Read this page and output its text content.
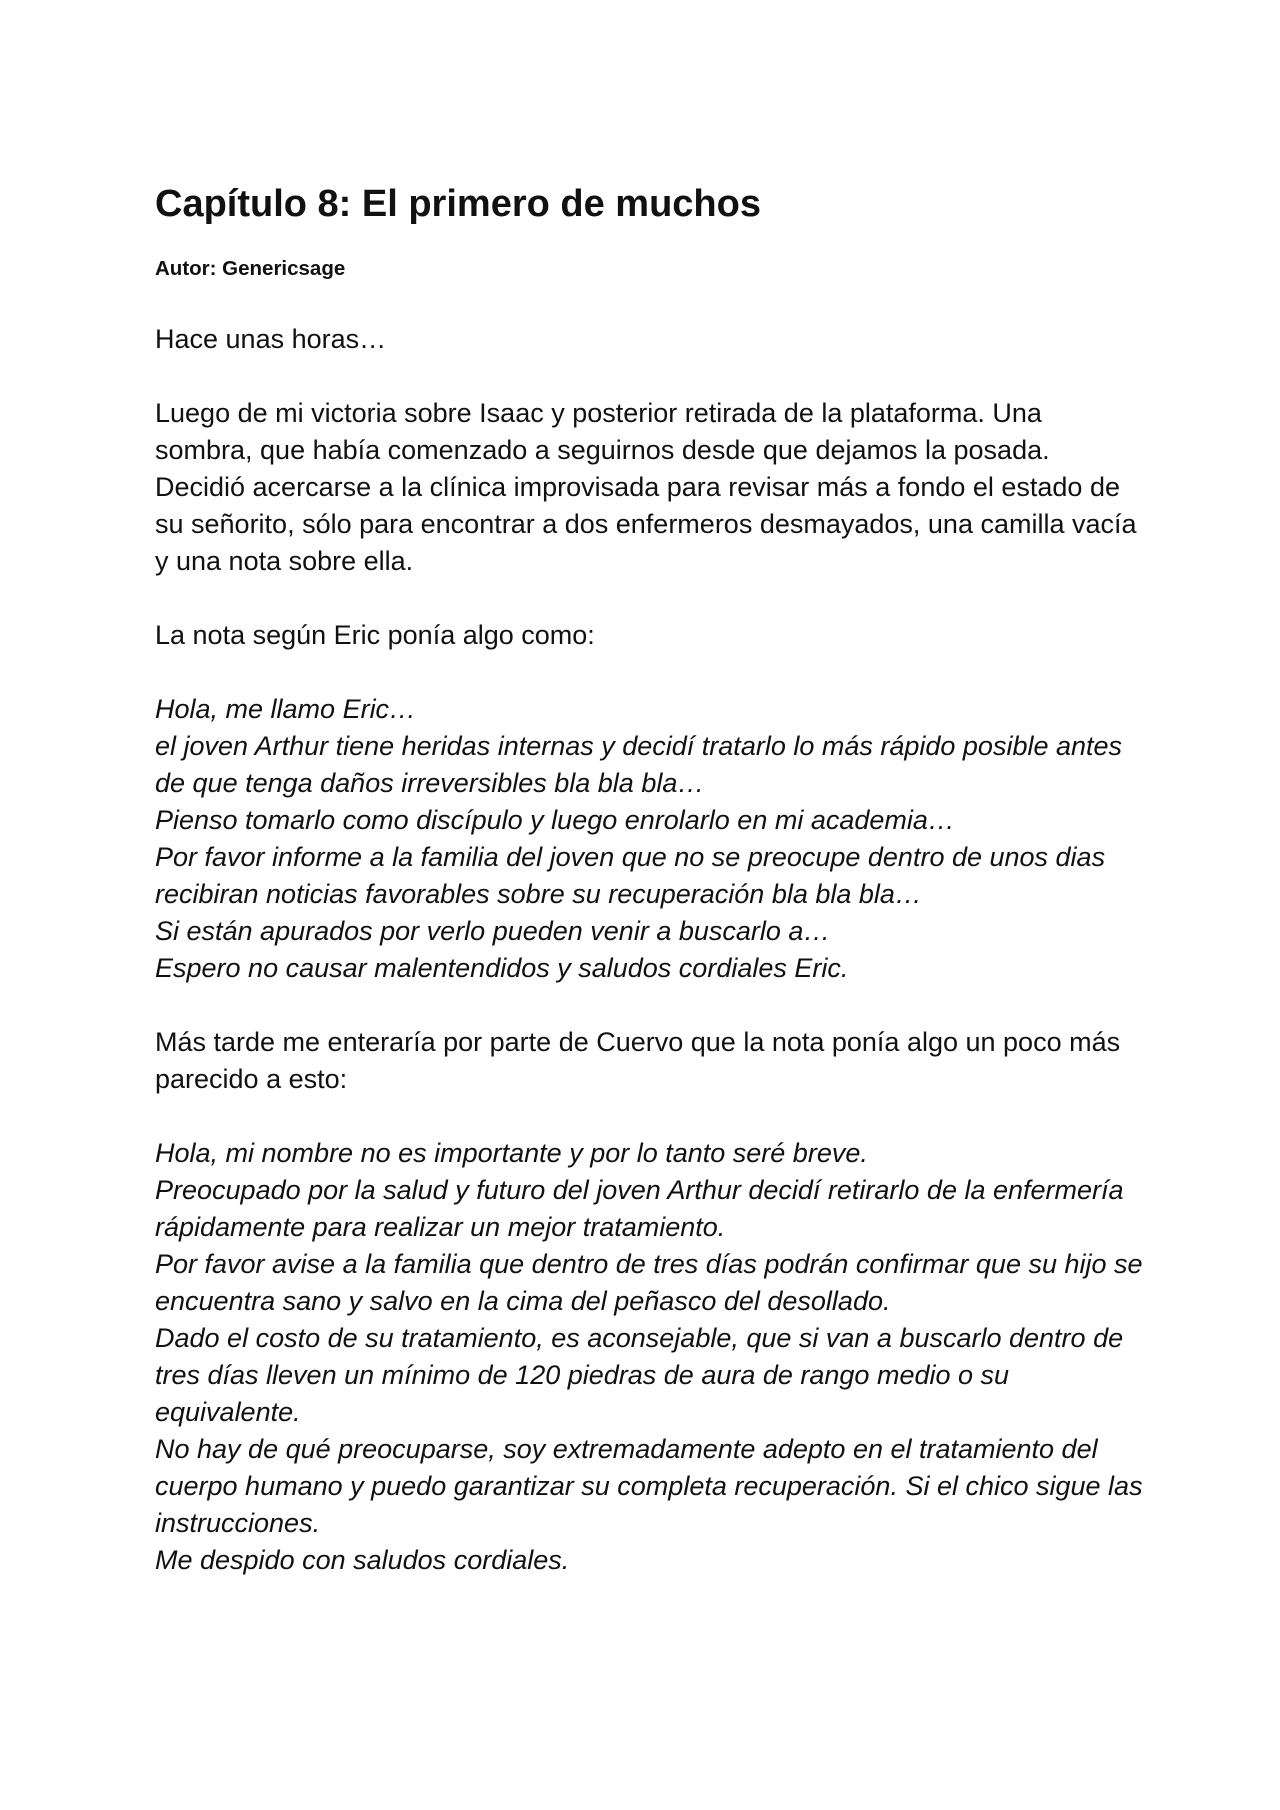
Capítulo 8: El primero de muchos

Autor: Genericsage

Hace unas horas…

Luego de mi victoria sobre Isaac y posterior retirada de la plataforma. Una sombra, que había comenzado a seguirnos desde que dejamos la posada. Decidió acercarse a la clínica improvisada para revisar más a fondo el estado de su señorito, sólo para encontrar a dos enfermeros desmayados, una camilla vacía y una nota sobre ella.

La nota según Eric ponía algo como:

Hola, me llamo Eric…
el joven Arthur tiene heridas internas y decidí tratarlo lo más rápido posible antes de que tenga daños irreversibles bla bla bla…
Pienso tomarlo como discípulo y luego enrolarlo en mi academia…
Por favor informe a la familia del joven que no se preocupe dentro de unos dias recibiran noticias favorables sobre su recuperación bla bla bla…
Si están apurados por verlo pueden venir a buscarlo a…
Espero no causar malentendidos y saludos cordiales Eric.

Más tarde me enteraría por parte de Cuervo que la nota ponía algo un poco más parecido a esto:

Hola, mi nombre no es importante y por lo tanto seré breve.
Preocupado por la salud y futuro del joven Arthur decidí retirarlo de la enfermería rápidamente para realizar un mejor tratamiento.
Por favor avise a la familia que dentro de tres días podrán confirmar que su hijo se encuentra sano y salvo en la cima del peñasco del desollado.
Dado el costo de su tratamiento, es aconsejable, que si van a buscarlo dentro de tres días lleven un mínimo de 120 piedras de aura de rango medio o su equivalente.
No hay de qué preocuparse, soy extremadamente adepto en el tratamiento del cuerpo humano y puedo garantizar su completa recuperación. Si el chico sigue las instrucciones.
Me despido con saludos cordiales.
